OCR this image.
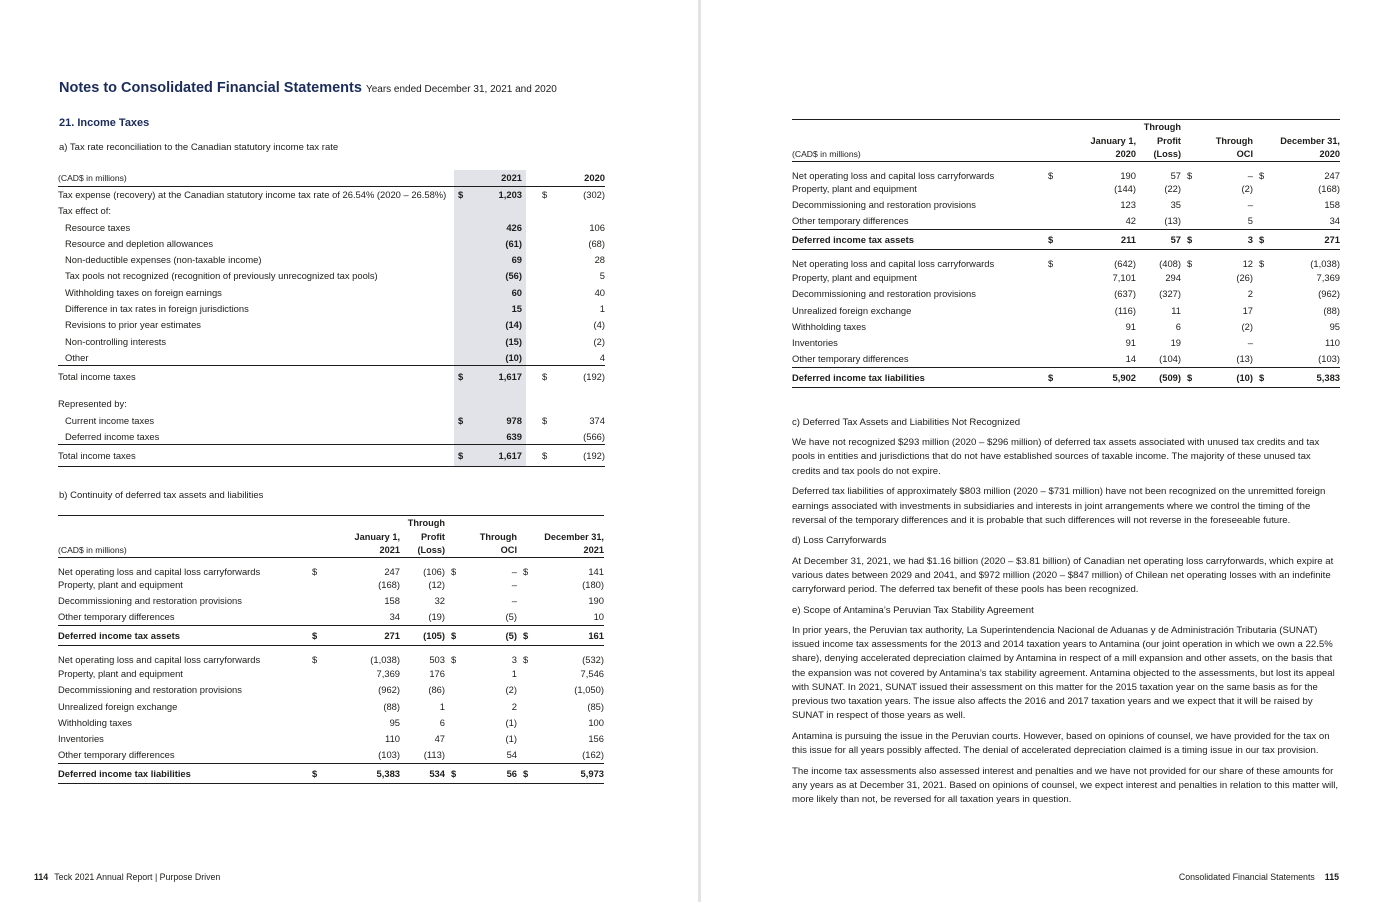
Notes to Consolidated Financial Statements Years ended December 31, 2021 and 2020
21. Income Taxes
a) Tax rate reconciliation to the Canadian statutory income tax rate
(CAD$ in millions)		2021			2020
Tax expense (recovery) at the Canadian statutory income tax rate of 26.54% (2020 – 26.58%)	$	1,203		$	(302)
Tax effect of:					
Resource taxes		426			106
Resource and depletion allowances		(61)			(68)
Non-deductible expenses (non-taxable income)		69			28
Tax pools not recognized (recognition of previously unrecognized tax pools)		(56)			5
Withholding taxes on foreign earnings		60			40
Difference in tax rates in foreign jurisdictions		15			1
Revisions to prior year estimates		(14)			(4)
Non-controlling interests		(15)			(2)
Other		(10)			4
Total income taxes	$	1,617		$	(192)

Represented by:					
Current income taxes	$	978		$	374
Deferred income taxes		639			(566)
Total income taxes	$	1,617		$	(192)
b) Continuity of deferred tax assets and liabilities
				Through				
		January 1,		Profit		Through	December 31,	
(CAD$ in millions)			2021	(Loss)		OCI		2021
Net operating loss and capital loss carryforwards	$	247		(106)	$	–	$	141
Property, plant and equipment		(168)		(12)		–		(180)
Decommissioning and restoration provisions		158		32		–		190
Other temporary differences		34		(19)		(5)		10
Deferred income tax assets	$	271		(105)	$	(5)	$	161
Net operating loss and capital loss carryforwards	$	(1,038)		503	$	3	$	(532)
Property, plant and equipment		7,369		176		1		7,546
Decommissioning and restoration provisions		(962)		(86)		(2)		(1,050)
Unrealized foreign exchange		(88)		1		2		(85)
Withholding taxes		95		6		(1)		100
Inventories		110		47		(1)		156
Other temporary differences		(103)		(113)		54		(162)
Deferred income tax liabilities	$	5,383		534	$	56	$	5,973
114 Teck 2021 Annual Report | Purpose Driven
				Through				
		January 1,		Profit		Through	December 31,	
(CAD$ in millions)			2020	(Loss)		OCI		2020
Net operating loss and capital loss carryforwards	$	190		57	$	–	$	247
Property, plant and equipment		(144)		(22)		(2)		(168)
Decommissioning and restoration provisions		123		35		–		158
Other temporary differences		42		(13)		5		34
Deferred income tax assets	$	211		57	$	3	$	271
Net operating loss and capital loss carryforwards	$	(642)		(408)	$	12	$	(1,038)
Property, plant and equipment		7,101		294		(26)		7,369
Decommissioning and restoration provisions		(637)		(327)		2		(962)
Unrealized foreign exchange		(116)		11		17		(88)
Withholding taxes		91		6		(2)		95
Inventories		91		19		–		110
Other temporary differences		14		(104)		(13)		(103)
Deferred income tax liabilities	$	5,902		(509)	$	(10)	$	5,383

c) Deferred Tax Assets and Liabilities Not Recognized

We have not recognized $293 million (2020 – $296 million) of deferred tax assets associated with unused tax credits and tax pools in entities and jurisdictions that do not have established sources of taxable income. The majority of these unused tax credits and tax pools do not expire.

Deferred tax liabilities of approximately $803 million (2020 – $731 million) have not been recognized on the unremitted foreign earnings associated with investments in subsidiaries and interests in joint arrangements where we control the timing of the reversal of the temporary differences and it is probable that such differences will not reverse in the foreseeable future.

d) Loss Carryforwards

At December 31, 2021, we had $1.16 billion (2020 – $3.81 billion) of Canadian net operating loss carryforwards, which expire at various dates between 2029 and 2041, and $972 million (2020 – $847 million) of Chilean net operating losses with an indefinite carryforward period. The deferred tax benefit of these pools has been recognized.

e) Scope of Antamina’s Peruvian Tax Stability Agreement

In prior years, the Peruvian tax authority, La Superintendencia Nacional de Aduanas y de Administración Tributaria (SUNAT) issued income tax assessments for the 2013 and 2014 taxation years to Antamina (our joint operation in which we own a 22.5% share), denying accelerated depreciation claimed by Antamina in respect of a mill expansion and other assets, on the basis that the expansion was not covered by Antamina’s tax stability agreement. Antamina objected to the assessments, but lost its appeal with SUNAT. In 2021, SUNAT issued their assessment on this matter for the 2015 taxation year on the same basis as for the previous two taxation years. The issue also affects the 2016 and 2017 taxation years and we expect that it will be raised by SUNAT in respect of those years as well.

Antamina is pursuing the issue in the Peruvian courts. However, based on opinions of counsel, we have provided for the tax on this issue for all years possibly affected. The denial of accelerated depreciation claimed is a timing issue in our tax provision.

The income tax assessments also assessed interest and penalties and we have not provided for our share of these amounts for any years as at December 31, 2021. Based on opinions of counsel, we expect interest and penalties in relation to this matter will, more likely than not, be reversed for all taxation years in question.

Consolidated Financial Statements 115
